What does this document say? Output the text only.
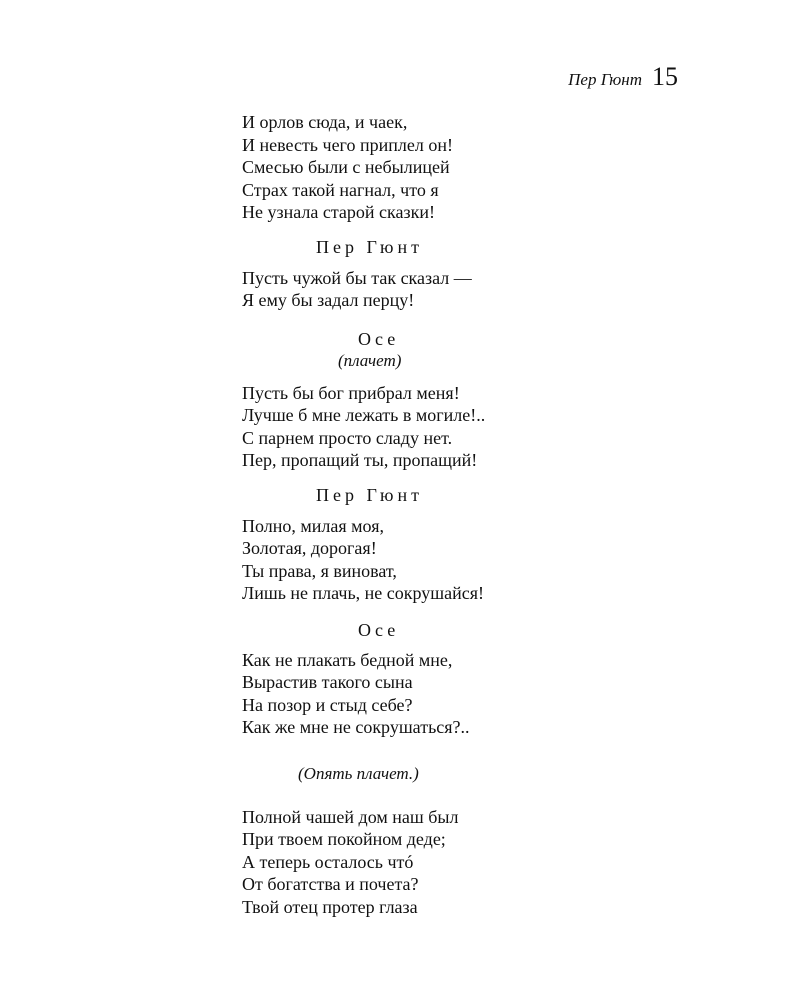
Пер Гюнт 15
И орлов сюда, и чаек,
И невесть чего приплел он!
Смесью были с небылицей
Страх такой нагнал, что я
Не узнала старой сказки!
Пер Гюнт
Пусть чужой бы так сказал —
Я ему бы задал перцу!
Осе
(плачет)
Пусть бы бог прибрал меня!
Лучше б мне лежать в могиле!..
С парнем просто сладу нет.
Пер, пропащий ты, пропащий!
Пер Гюнт
Полно, милая моя,
Золотая, дорогая!
Ты права, я виноват,
Лишь не плачь, не сокрушайся!
Осе
Как не плакать бедной мне,
Вырастив такого сына
На позор и стыд себе?
Как же мне не сокрушаться?..
(Опять плачет.)
Полной чашей дом наш был
При твоем покойном деде;
А теперь осталось чтó
От богатства и почета?
Твой отец протер глаза
